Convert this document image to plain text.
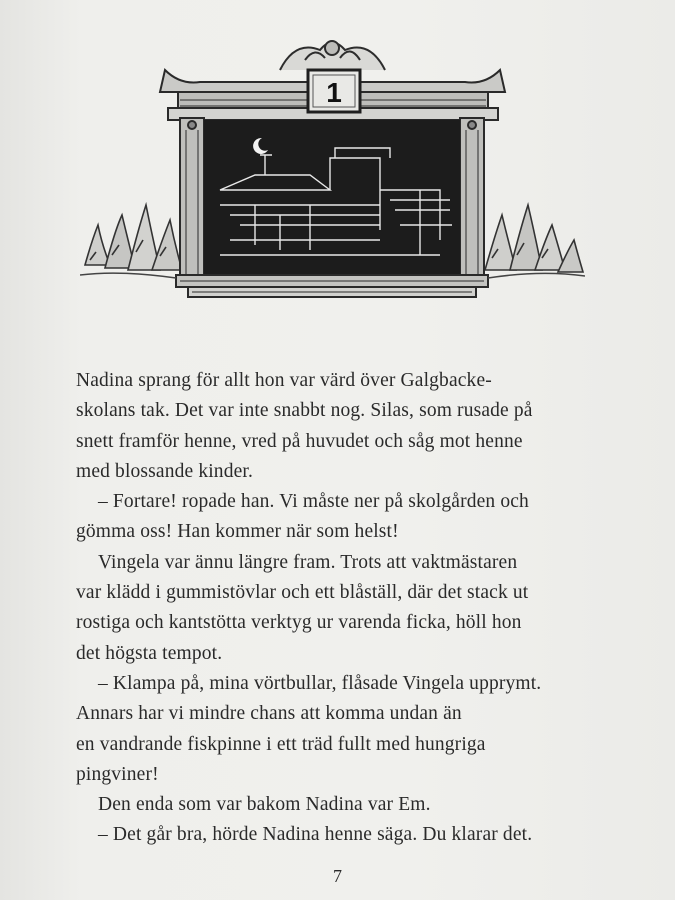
1
Nadina sprang för allt hon var värd över Galgbacke-
skolans tak. Det var inte snabbt nog. Silas, som rusade på
snett framför henne, vred på huvudet och såg mot henne
med blossande kinder.
– Fortare! ropade han. Vi måste ner på skolgården och
gömma oss! Han kommer när som helst!
Vingela var ännu längre fram. Trots att vaktmästaren
var klädd i gummistövlar och ett blåställ, där det stack ut
rostiga och kantstötta verktyg ur varenda ficka, höll hon
det högsta tempot.
– Klampa på, mina vörtbullar, flåsade Vingela upprymt.
Annars har vi mindre chans att komma undan än
en vandrande fiskpinne i ett träd fullt med hungriga
pingviner!
Den enda som var bakom Nadina var Em.
– Det går bra, hörde Nadina henne säga. Du klarar det.
7
